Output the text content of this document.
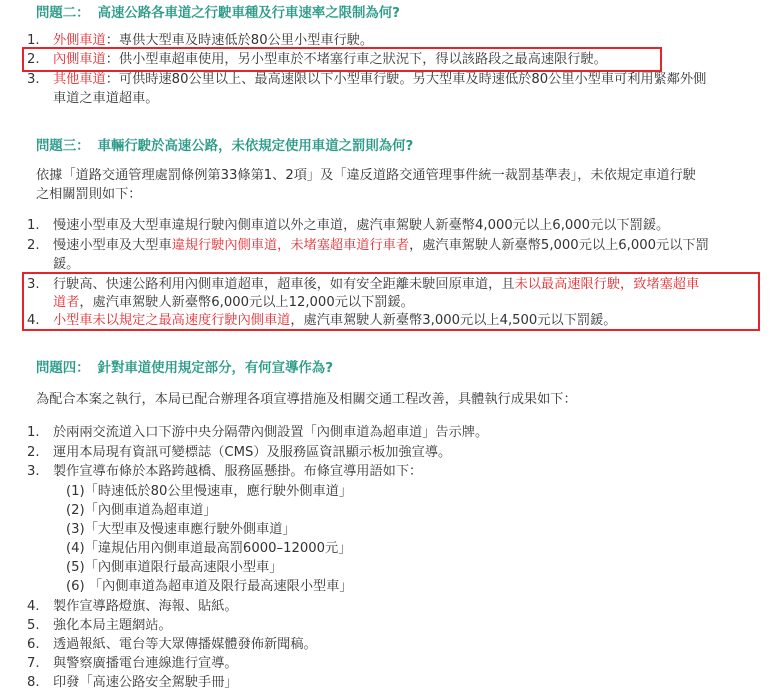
問題二： 高速公路各車道之行駛車種及行車速率之限制為何?
1.	外側車道：專供大型車及時速低於80公里小型車行駛。
2.	內側車道：供小型車超車使用，另小型車於不堵塞行車之狀況下，得以該路段之最高速限行駛。
3.	其他車道：可供時速80公里以上、最高速限以下小型車行駛。另大型車及時速低於80公里小型車可利用緊鄰外側
車道之車道超車。
問題三： 車輛行駛於高速公路，未依規定使用車道之罰則為何?
依據「道路交通管理處罰條例第33條第1、2項」及「違反道路交通管理事件統一裁罰基準表」，未依規定車道行駛
之相關罰則如下：
1.	慢速小型車及大型車違規行駛內側車道以外之車道，處汽車駕駛人新臺幣4,000元以上6,000元以下罰鍰。
2.	慢速小型車及大型車違規行駛內側車道，未堵塞超車道行車者，處汽車駕駛人新臺幣5,000元以上6,000元以下罰
鍰。
3.	行駛高、快速公路利用內側車道超車，超車後，如有安全距離未駛回原車道，且未以最高速限行駛，致堵塞超車
道者，處汽車駕駛人新臺幣6,000元以上12,000元以下罰鍰。
4.	小型車未以規定之最高速度行駛內側車道，處汽車駕駛人新臺幣3,000元以上4,500元以下罰鍰。
問題四： 針對車道使用規定部分，有何宣導作為?
為配合本案之執行，本局已配合辦理各項宣導措施及相關交通工程改善，具體執行成果如下：
1.	於兩兩交流道入口下游中央分隔帶內側設置「內側車道為超車道」告示牌。
2.	運用本局現有資訊可變標誌（CMS）及服務區資訊顯示板加強宣導。
3.	製作宣導布條於本路跨越橋、服務區懸掛。布條宣導用語如下：
(1)「時速低於80公里慢速車，應行駛外側車道」
(2)「內側車道為超車道」
(3)「大型車及慢速車應行駛外側車道」
(4)「違規佔用內側車道最高罰6000–12000元」
(5)「內側車道限行最高速限小型車」
(6) 「內側車道為超車道及限行最高速限小型車」
4.	製作宣導路燈旗、海報、貼紙。
5.	強化本局主題網站。
6.	透過報紙、電台等大眾傳播媒體發佈新聞稿。
7.	與警察廣播電台連線進行宣導。
8.	印發「高速公路安全駕駛手冊」
